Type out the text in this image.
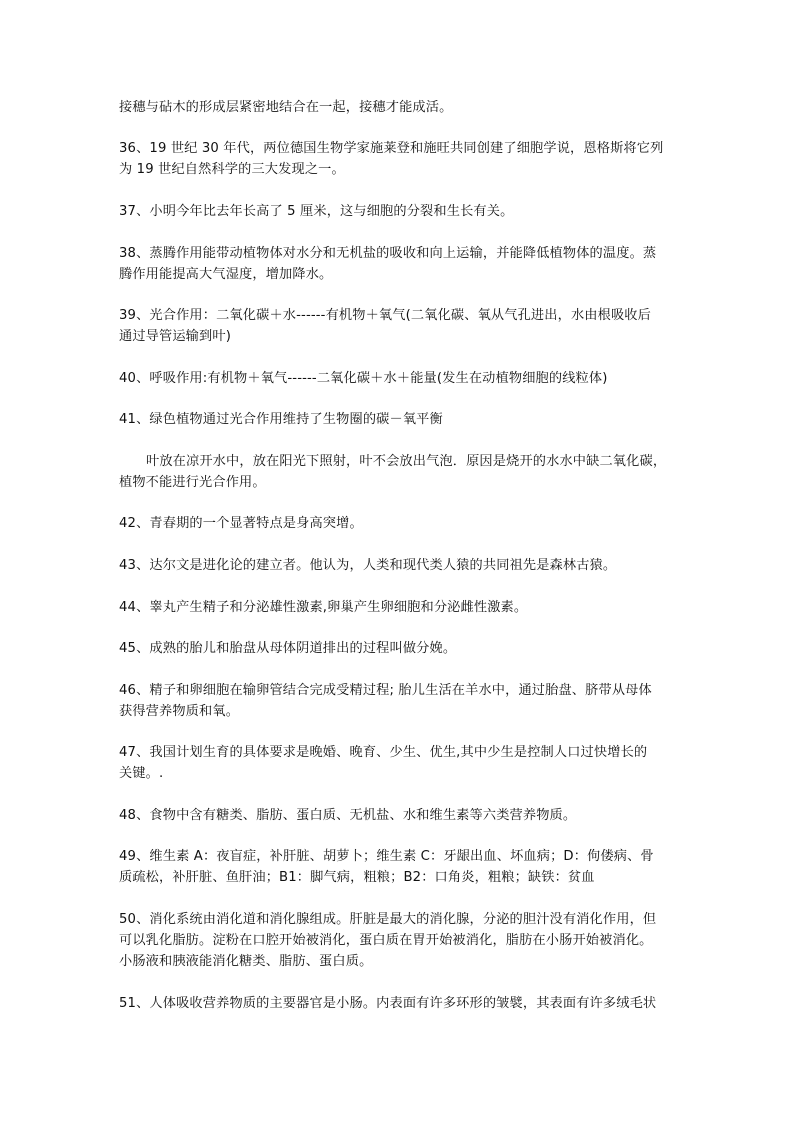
接穗与砧木的形成层紧密地结合在一起，接穗才能成活。

36、19 世纪 30 年代，两位德国生物学家施莱登和施旺共同创建了细胞学说，恩格斯将它列
为 19 世纪自然科学的三大发现之一。

37、小明今年比去年长高了 5 厘米，这与细胞的分裂和生长有关。

38、蒸腾作用能带动植物体对水分和无机盐的吸收和向上运输，并能降低植物体的温度。蒸
腾作用能提高大气湿度，增加降水。

39、光合作用：二氧化碳＋水------有机物＋氧气(二氧化碳、氧从气孔进出，水由根吸收后
通过导管运输到叶)

40、呼吸作用:有机物＋氧气------二氧化碳＋水＋能量(发生在动植物细胞的线粒体)

41、绿色植物通过光合作用维持了生物圈的碳－氧平衡

叶放在凉开水中，放在阳光下照射，叶不会放出气泡．原因是烧开的水水中缺二氧化碳，
植物不能进行光合作用。

42、青春期的一个显著特点是身高突增。

43、达尔文是进化论的建立者。他认为，人类和现代类人猿的共同祖先是森林古猿。

44、睾丸产生精子和分泌雄性激素,卵巢产生卵细胞和分泌雌性激素。

45、成熟的胎儿和胎盘从母体阴道排出的过程叫做分娩。

46、精子和卵细胞在输卵管结合完成受精过程; 胎儿生活在羊水中，通过胎盘、脐带从母体
获得营养物质和氧。

47、我国计划生育的具体要求是晚婚、晚育、少生、优生,其中少生是控制人口过快增长的
关键。.

48、食物中含有糖类、脂肪、蛋白质、无机盐、水和维生素等六类营养物质。

49、维生素 A：夜盲症，补肝脏、胡萝卜；维生素 C：牙龈出血、坏血病；D：佝偻病、骨
质疏松，补肝脏、鱼肝油；B1：脚气病，粗粮；B2：口角炎，粗粮；缺铁：贫血

50、消化系统由消化道和消化腺组成。肝脏是最大的消化腺，分泌的胆汁没有消化作用，但
可以乳化脂肪。淀粉在口腔开始被消化，蛋白质在胃开始被消化，脂肪在小肠开始被消化。
小肠液和胰液能消化糖类、脂肪、蛋白质。

51、人体吸收营养物质的主要器官是小肠。内表面有许多环形的皱襞，其表面有许多绒毛状
